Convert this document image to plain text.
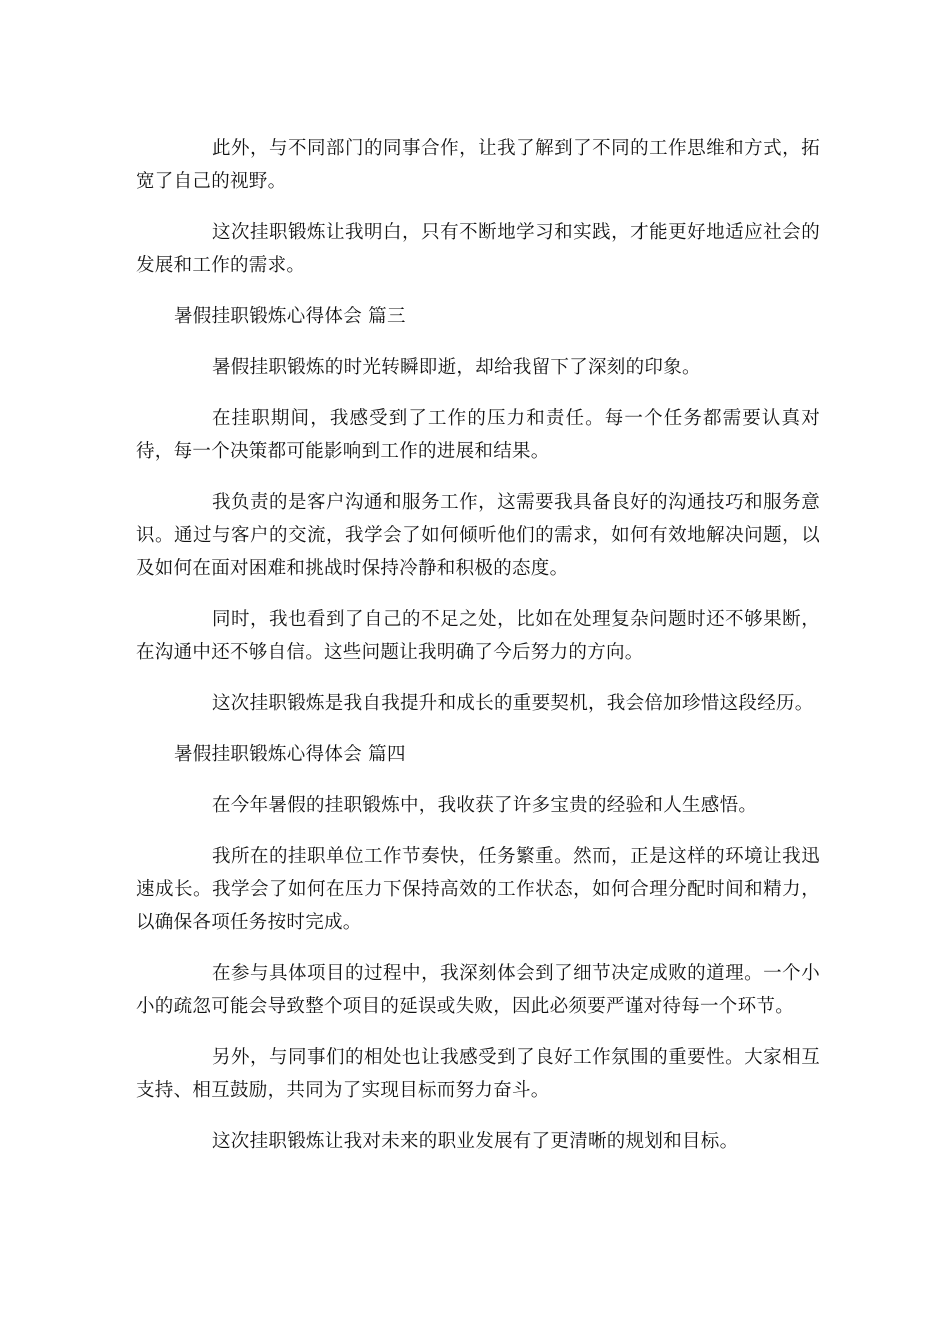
此外，与不同部门的同事合作，让我了解到了不同的工作思维和方式，拓宽了自己的视野。

这次挂职锻炼让我明白，只有不断地学习和实践，才能更好地适应社会的发展和工作的需求。

暑假挂职锻炼心得体会 篇三

暑假挂职锻炼的时光转瞬即逝，却给我留下了深刻的印象。

在挂职期间，我感受到了工作的压力和责任。每一个任务都需要认真对待，每一个决策都可能影响到工作的进展和结果。

我负责的是客户沟通和服务工作，这需要我具备良好的沟通技巧和服务意识。通过与客户的交流，我学会了如何倾听他们的需求，如何有效地解决问题，以及如何在面对困难和挑战时保持冷静和积极的态度。

同时，我也看到了自己的不足之处，比如在处理复杂问题时还不够果断，在沟通中还不够自信。这些问题让我明确了今后努力的方向。

这次挂职锻炼是我自我提升和成长的重要契机，我会倍加珍惜这段经历。

暑假挂职锻炼心得体会 篇四

在今年暑假的挂职锻炼中，我收获了许多宝贵的经验和人生感悟。

我所在的挂职单位工作节奏快，任务繁重。然而，正是这样的环境让我迅速成长。我学会了如何在压力下保持高效的工作状态，如何合理分配时间和精力，以确保各项任务按时完成。

在参与具体项目的过程中，我深刻体会到了细节决定成败的道理。一个小小的疏忽可能会导致整个项目的延误或失败，因此必须要严谨对待每一个环节。

另外，与同事们的相处也让我感受到了良好工作氛围的重要性。大家相互支持、相互鼓励，共同为了实现目标而努力奋斗。

这次挂职锻炼让我对未来的职业发展有了更清晰的规划和目标。
